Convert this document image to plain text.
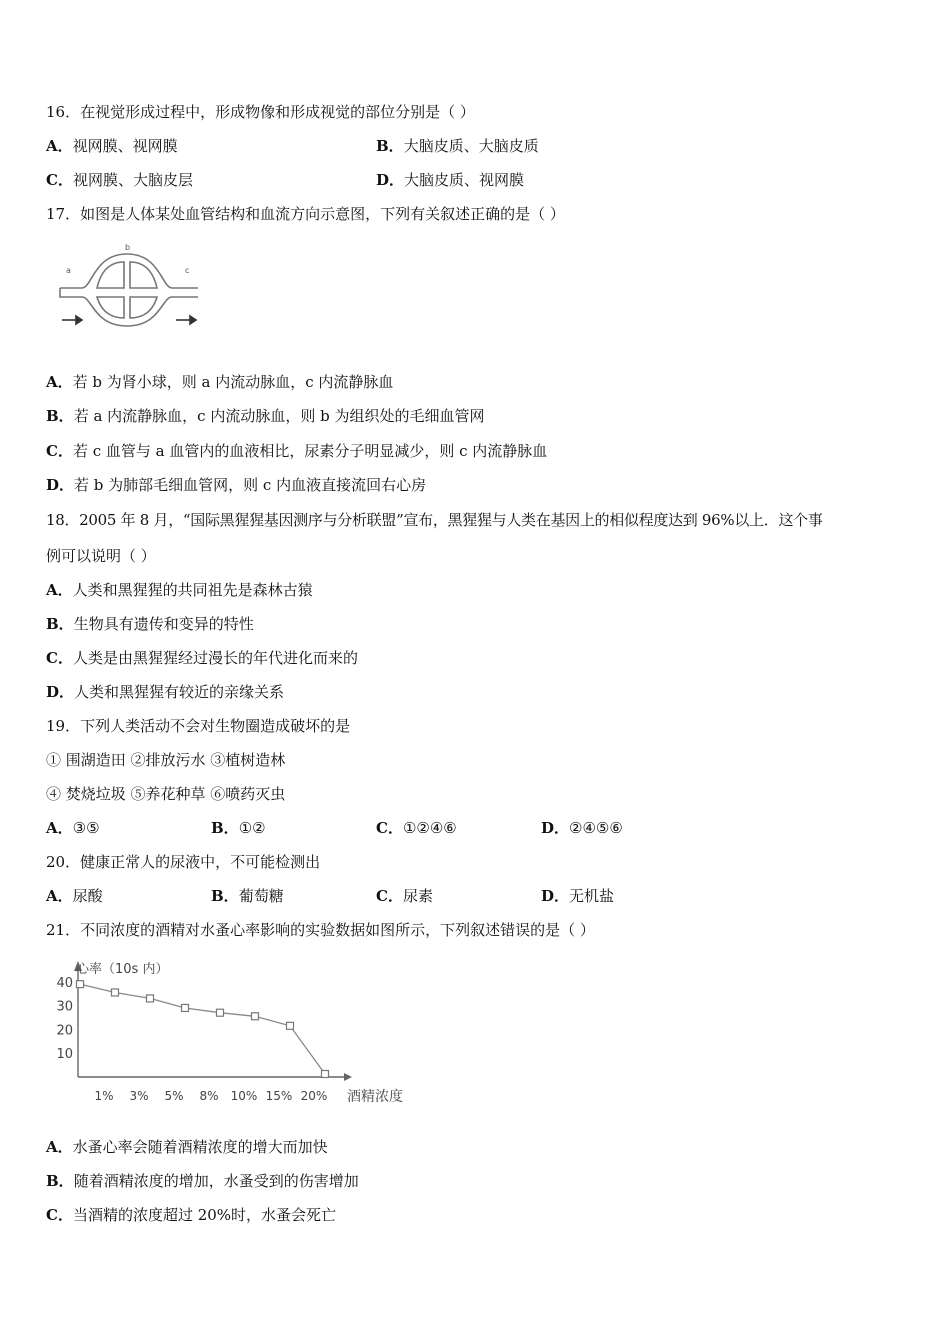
16．在视觉形成过程中，形成物像和形成视觉的部位分别是（ ）
A．视网膜、视网膜	B．大脑皮质、大脑皮质
C．视网膜、大脑皮层	D．大脑皮质、视网膜
17．如图是人体某处血管结构和血流方向示意图，下列有关叙述正确的是（ ）
a
b
c
A．若 b 为肾小球，则 a 内流动脉血，c 内流静脉血
B．若 a 内流静脉血，c 内流动脉血，则 b 为组织处的毛细血管网
C．若 c 血管与 a 血管内的血液相比，尿素分子明显减少，则 c 内流静脉血
D．若 b 为肺部毛细血管网，则 c 内血液直接流回右心房
18．2005 年 8 月，“国际黑猩猩基因测序与分析联盟”宣布，黑猩猩与人类在基因上的相似程度达到 96%以上．这个事
例可以说明（ ）
A．人类和黑猩猩的共同祖先是森林古猿
B．生物具有遗传和变异的特性
C．人类是由黑猩猩经过漫长的年代进化而来的
D．人类和黑猩猩有较近的亲缘关系
19．下列人类活动不会对生物圈造成破坏的是
① 围湖造田 ②排放污水 ③植树造林
④ 焚烧垃圾 ⑤养花种草 ⑥喷药灭虫
A．③⑤	B．①②	C．①②④⑥	D．②④⑤⑥
20．健康正常人的尿液中，不可能检测出
A．尿酸	B．葡萄糖	C．尿素	D．无机盐
21．不同浓度的酒精对水蚤心率影响的实验数据如图所示，下列叙述错误的是（ ）
心率（10s 内）
酒精浓度
10
20
30
40
1% 3% 5% 8% 10% 15% 20%
A．水蚤心率会随着酒精浓度的增大而加快
B．随着酒精浓度的增加，水蚤受到的伤害增加
C．当酒精的浓度超过 20%时，水蚤会死亡
